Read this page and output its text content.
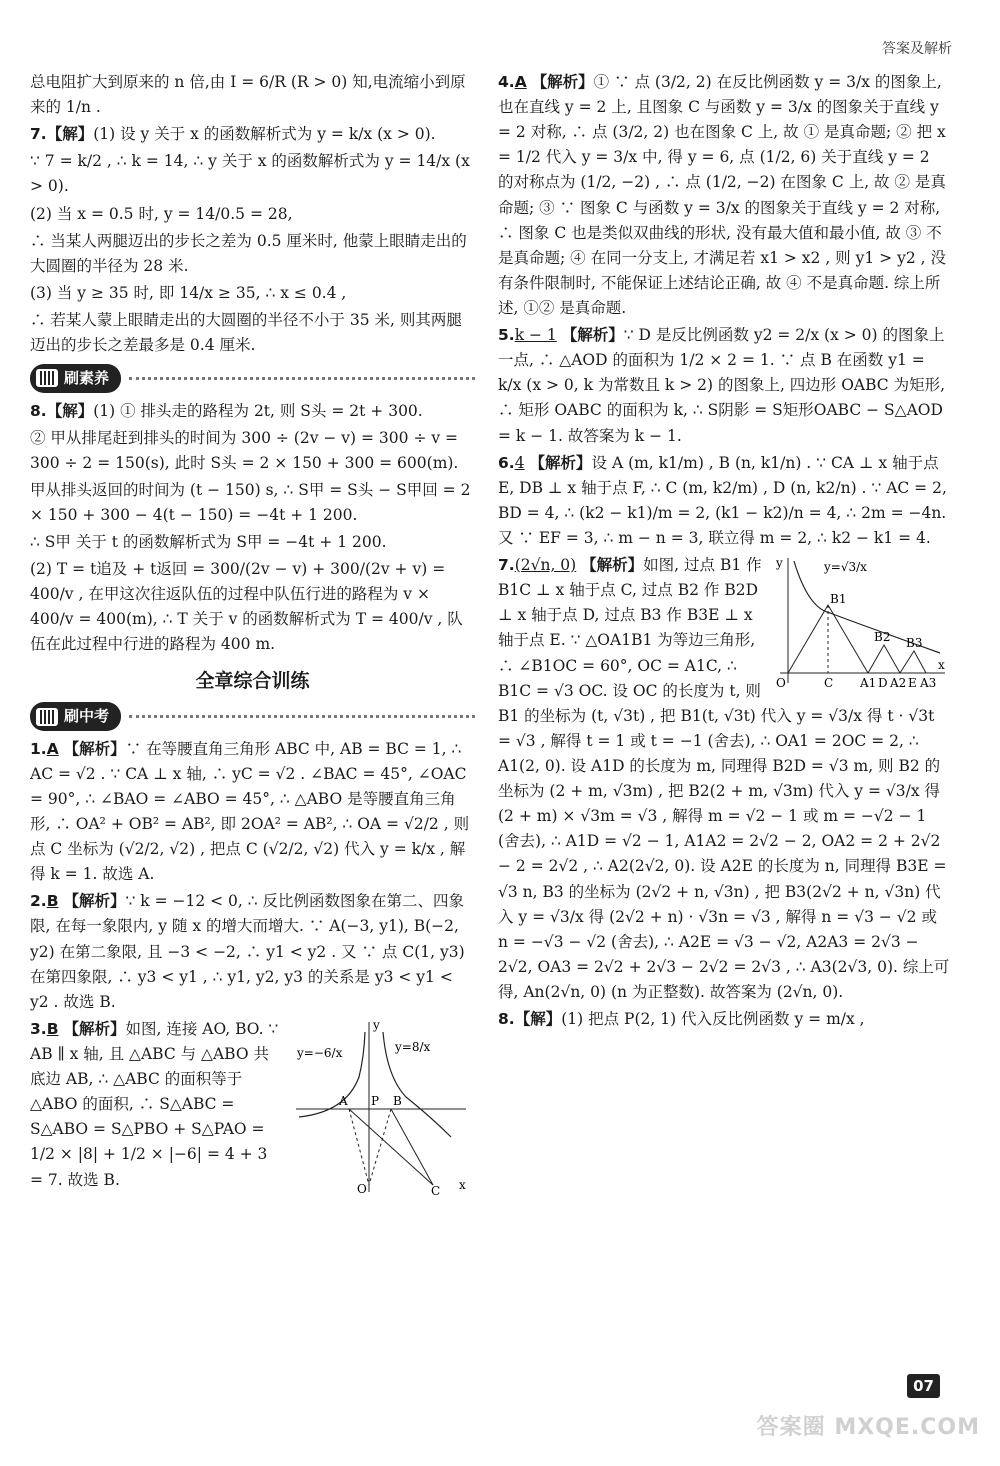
答案及解析

总电阻扩大到原来的 n 倍,由 I = 6/R (R > 0) 知,电流缩小到原来的 1/n .

7.【解】(1) 设 y 关于 x 的函数解析式为 y = k/x (x > 0).

∵ 7 = k/2 , ∴ k = 14, ∴ y 关于 x 的函数解析式为 y = 14/x (x > 0).

(2) 当 x = 0.5 时, y = 14/0.5 = 28,

∴ 当某人两腿迈出的步长之差为 0.5 厘米时, 他蒙上眼睛走出的大圆圈的半径为 28 米.

(3) 当 y ≥ 35 时, 即 14/x ≥ 35, ∴ x ≤ 0.4 ,

∴ 若某人蒙上眼睛走出的大圆圈的半径不小于 35 米, 则其两腿迈出的步长之差最多是 0.4 厘米.

刷素养

8.【解】(1) ① 排头走的路程为 2t, 则 S头 = 2t + 300.

② 甲从排尾赶到排头的时间为 300 ÷ (2v − v) = 300 ÷ v = 300 ÷ 2 = 150(s), 此时 S头 = 2 × 150 + 300 = 600(m).

甲从排头返回的时间为 (t − 150) s, ∴ S甲 = S头 − S甲回 = 2 × 150 + 300 − 4(t − 150) = −4t + 1 200.

∴ S甲 关于 t 的函数解析式为 S甲 = −4t + 1 200.

(2) T = t追及 + t返回 = 300/(2v − v) + 300/(2v + v) = 400/v , 在甲这次往返队伍的过程中队伍行进的路程为 v × 400/v = 400(m), ∴ T 关于 v 的函数解析式为 T = 400/v , 队伍在此过程中行进的路程为 400 m.

全章综合训练
刷中考

1.A 【解析】∵ 在等腰直角三角形 ABC 中, AB = BC = 1, ∴ AC = √2 . ∵ CA ⊥ x 轴, ∴ yC = √2 . ∠BAC = 45°, ∠OAC = 90°, ∴ ∠BAO = ∠ABO = 45°, ∴ △ABO 是等腰直角三角形, ∴ OA² + OB² = AB², 即 2OA² = AB², ∴ OA = √2/2 , 则点 C 坐标为 (√2/2, √2) , 把点 C (√2/2, √2) 代入 y = k/x , 解得 k = 1. 故选 A.

2.B 【解析】∵ k = −12 < 0, ∴ 反比例函数图象在第二、四象限, 在每一象限内, y 随 x 的增大而增大. ∵ A(−3, y1), B(−2, y2) 在第二象限, 且 −3 < −2, ∴ y1 < y2 . 又 ∵ 点 C(1, y3) 在第四象限, ∴ y3 < y1 , ∴ y1, y2, y3 的关系是 y3 < y1 < y2 . 故选 B.

y=−6/x	y=8/x
A P B
O	C x
y

3.B 【解析】如图, 连接 AO, BO. ∵ AB ∥ x 轴, 且 △ABC 与 △ABO 共底边 AB, ∴ △ABC 的面积等于 △ABO 的面积, ∴ S△ABC = S△ABO = S△PBO + S△PAO = 1/2 × |8| + 1/2 × |−6| = 4 + 3 = 7. 故选 B.

4.A 【解析】① ∵ 点 (3/2, 2) 在反比例函数 y = 3/x 的图象上, 也在直线 y = 2 上, 且图象 C 与函数 y = 3/x 的图象关于直线 y = 2 对称, ∴ 点 (3/2, 2) 也在图象 C 上, 故 ① 是真命题; ② 把 x = 1/2 代入 y = 3/x 中, 得 y = 6, 点 (1/2, 6) 关于直线 y = 2 的对称点为 (1/2, −2) , ∴ 点 (1/2, −2) 在图象 C 上, 故 ② 是真命题; ③ ∵ 图象 C 与函数 y = 3/x 的图象关于直线 y = 2 对称, ∴ 图象 C 也是类似双曲线的形状, 没有最大值和最小值, 故 ③ 不是真命题; ④ 在同一分支上, 才满足若 x1 > x2 , 则 y1 > y2 , 没有条件限制时, 不能保证上述结论正确, 故 ④ 不是真命题. 综上所述, ①② 是真命题.

5.k − 1 【解析】∵ D 是反比例函数 y2 = 2/x (x > 0) 的图象上一点, ∴ △AOD 的面积为 1/2 × 2 = 1. ∵ 点 B 在函数 y1 = k/x (x > 0, k 为常数且 k > 2) 的图象上, 四边形 OABC 为矩形, ∴ 矩形 OABC 的面积为 k, ∴ S阴影 = S矩形OABC − S△AOD = k − 1. 故答案为 k − 1.

6.4 【解析】设 A (m, k1/m) , B (n, k1/n) . ∵ CA ⊥ x 轴于点 E, DB ⊥ x 轴于点 F, ∴ C (m, k2/m) , D (n, k2/n) . ∵ AC = 2, BD = 4, ∴ (k2 − k1)/m = 2, (k1 − k2)/n = 4, ∴ 2m = −4n. 又 ∵ EF = 3, ∴ m − n = 3, 联立得 m = 2, ∴ k2 − k1 = 4.

y=√3/x
B1
B2 B3
O	C A1 D A2 E A3
x
y

7.(2√n, 0) 【解析】如图, 过点 B1 作 B1C ⊥ x 轴于点 C, 过点 B2 作 B2D ⊥ x 轴于点 D, 过点 B3 作 B3E ⊥ x 轴于点 E. ∵ △OA1B1 为等边三角形, ∴ ∠B1OC = 60°, OC = A1C, ∴ B1C = √3 OC. 设 OC 的长度为 t, 则 B1 的坐标为 (t, √3t) , 把 B1(t, √3t) 代入 y = √3/x 得 t · √3t = √3 , 解得 t = 1 或 t = −1 (舍去), ∴ OA1 = 2OC = 2, ∴ A1(2, 0). 设 A1D 的长度为 m, 同理得 B2D = √3 m, 则 B2 的坐标为 (2 + m, √3m) , 把 B2(2 + m, √3m) 代入 y = √3/x 得 (2 + m) × √3m = √3 , 解得 m = √2 − 1 或 m = −√2 − 1 (舍去), ∴ A1D = √2 − 1, A1A2 = 2√2 − 2, OA2 = 2 + 2√2 − 2 = 2√2 , ∴ A2(2√2, 0). 设 A2E 的长度为 n, 同理得 B3E = √3 n, B3 的坐标为 (2√2 + n, √3n) , 把 B3(2√2 + n, √3n) 代入 y = √3/x 得 (2√2 + n) · √3n = √3 , 解得 n = √3 − √2 或 n = −√3 − √2 (舍去), ∴ A2E = √3 − √2, A2A3 = 2√3 − 2√2, OA3 = 2√2 + 2√3 − 2√2 = 2√3 , ∴ A3(2√3, 0). 综上可得, An(2√n, 0) (n 为正整数). 故答案为 (2√n, 0).

8.【解】(1) 把点 P(2, 1) 代入反比例函数 y = m/x ,

07
答案圈 MXQE.COM
